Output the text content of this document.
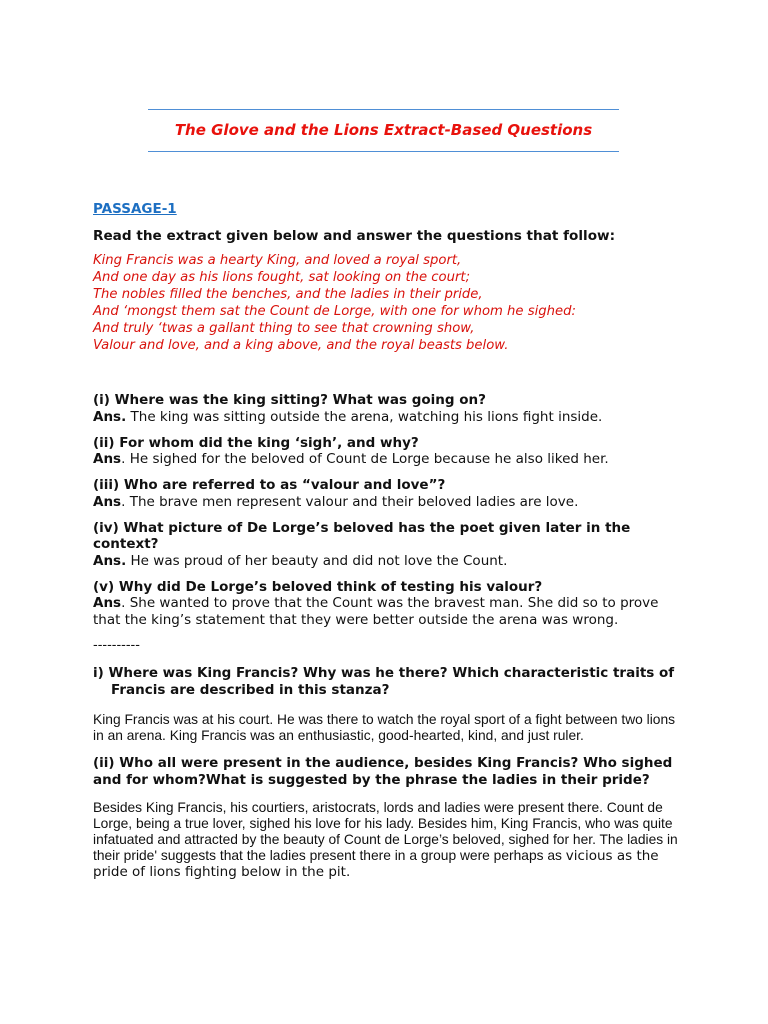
The Glove and the Lions Extract-Based Questions
PASSAGE-1
Read the extract given below and answer the questions that follow:
King Francis was a hearty King, and loved a royal sport,
And one day as his lions fought, sat looking on the court;
The nobles filled the benches, and the ladies in their pride,
And ‘mongst them sat the Count de Lorge, with one for whom he sighed:
And truly ‘twas a gallant thing to see that crowning show,
Valour and love, and a king above, and the royal beasts below.
(i) Where was the king sitting? What was going on?
Ans. The king was sitting outside the arena, watching his lions fight inside.
(ii) For whom did the king ‘sigh’, and why?
Ans. He sighed for the beloved of Count de Lorge because he also liked her.
(iii) Who are referred to as “valour and love”?
Ans. The brave men represent valour and their beloved ladies are love.
(iv) What picture of De Lorge’s beloved has the poet given later in the context?
Ans. He was proud of her beauty and did not love the Count.
(v) Why did De Lorge’s beloved think of testing his valour?
Ans. She wanted to prove that the Count was the bravest man. She did so to prove that the king’s statement that they were better outside the arena was wrong.
----------
i) Where was King Francis? Why was he there? Which characteristic traits of Francis are described in this stanza?
King Francis was at his court. He was there to watch the royal sport of a fight between two lions in an arena. King Francis was an enthusiastic, good-hearted, kind, and just ruler.
(ii) Who all were present in the audience, besides King Francis? Who sighed and for whom?What is suggested by the phrase the ladies in their pride?
Besides King Francis, his courtiers, aristocrats, lords and ladies were present there. Count de Lorge, being a true lover, sighed his love for his lady. Besides him, King Francis, who was quite infatuated and attracted by the beauty of Count de Lorge’s beloved, sighed for her. The ladies in their pride' suggests that the ladies present there in a group were perhaps as vicious as the pride of lions fighting below in the pit.
